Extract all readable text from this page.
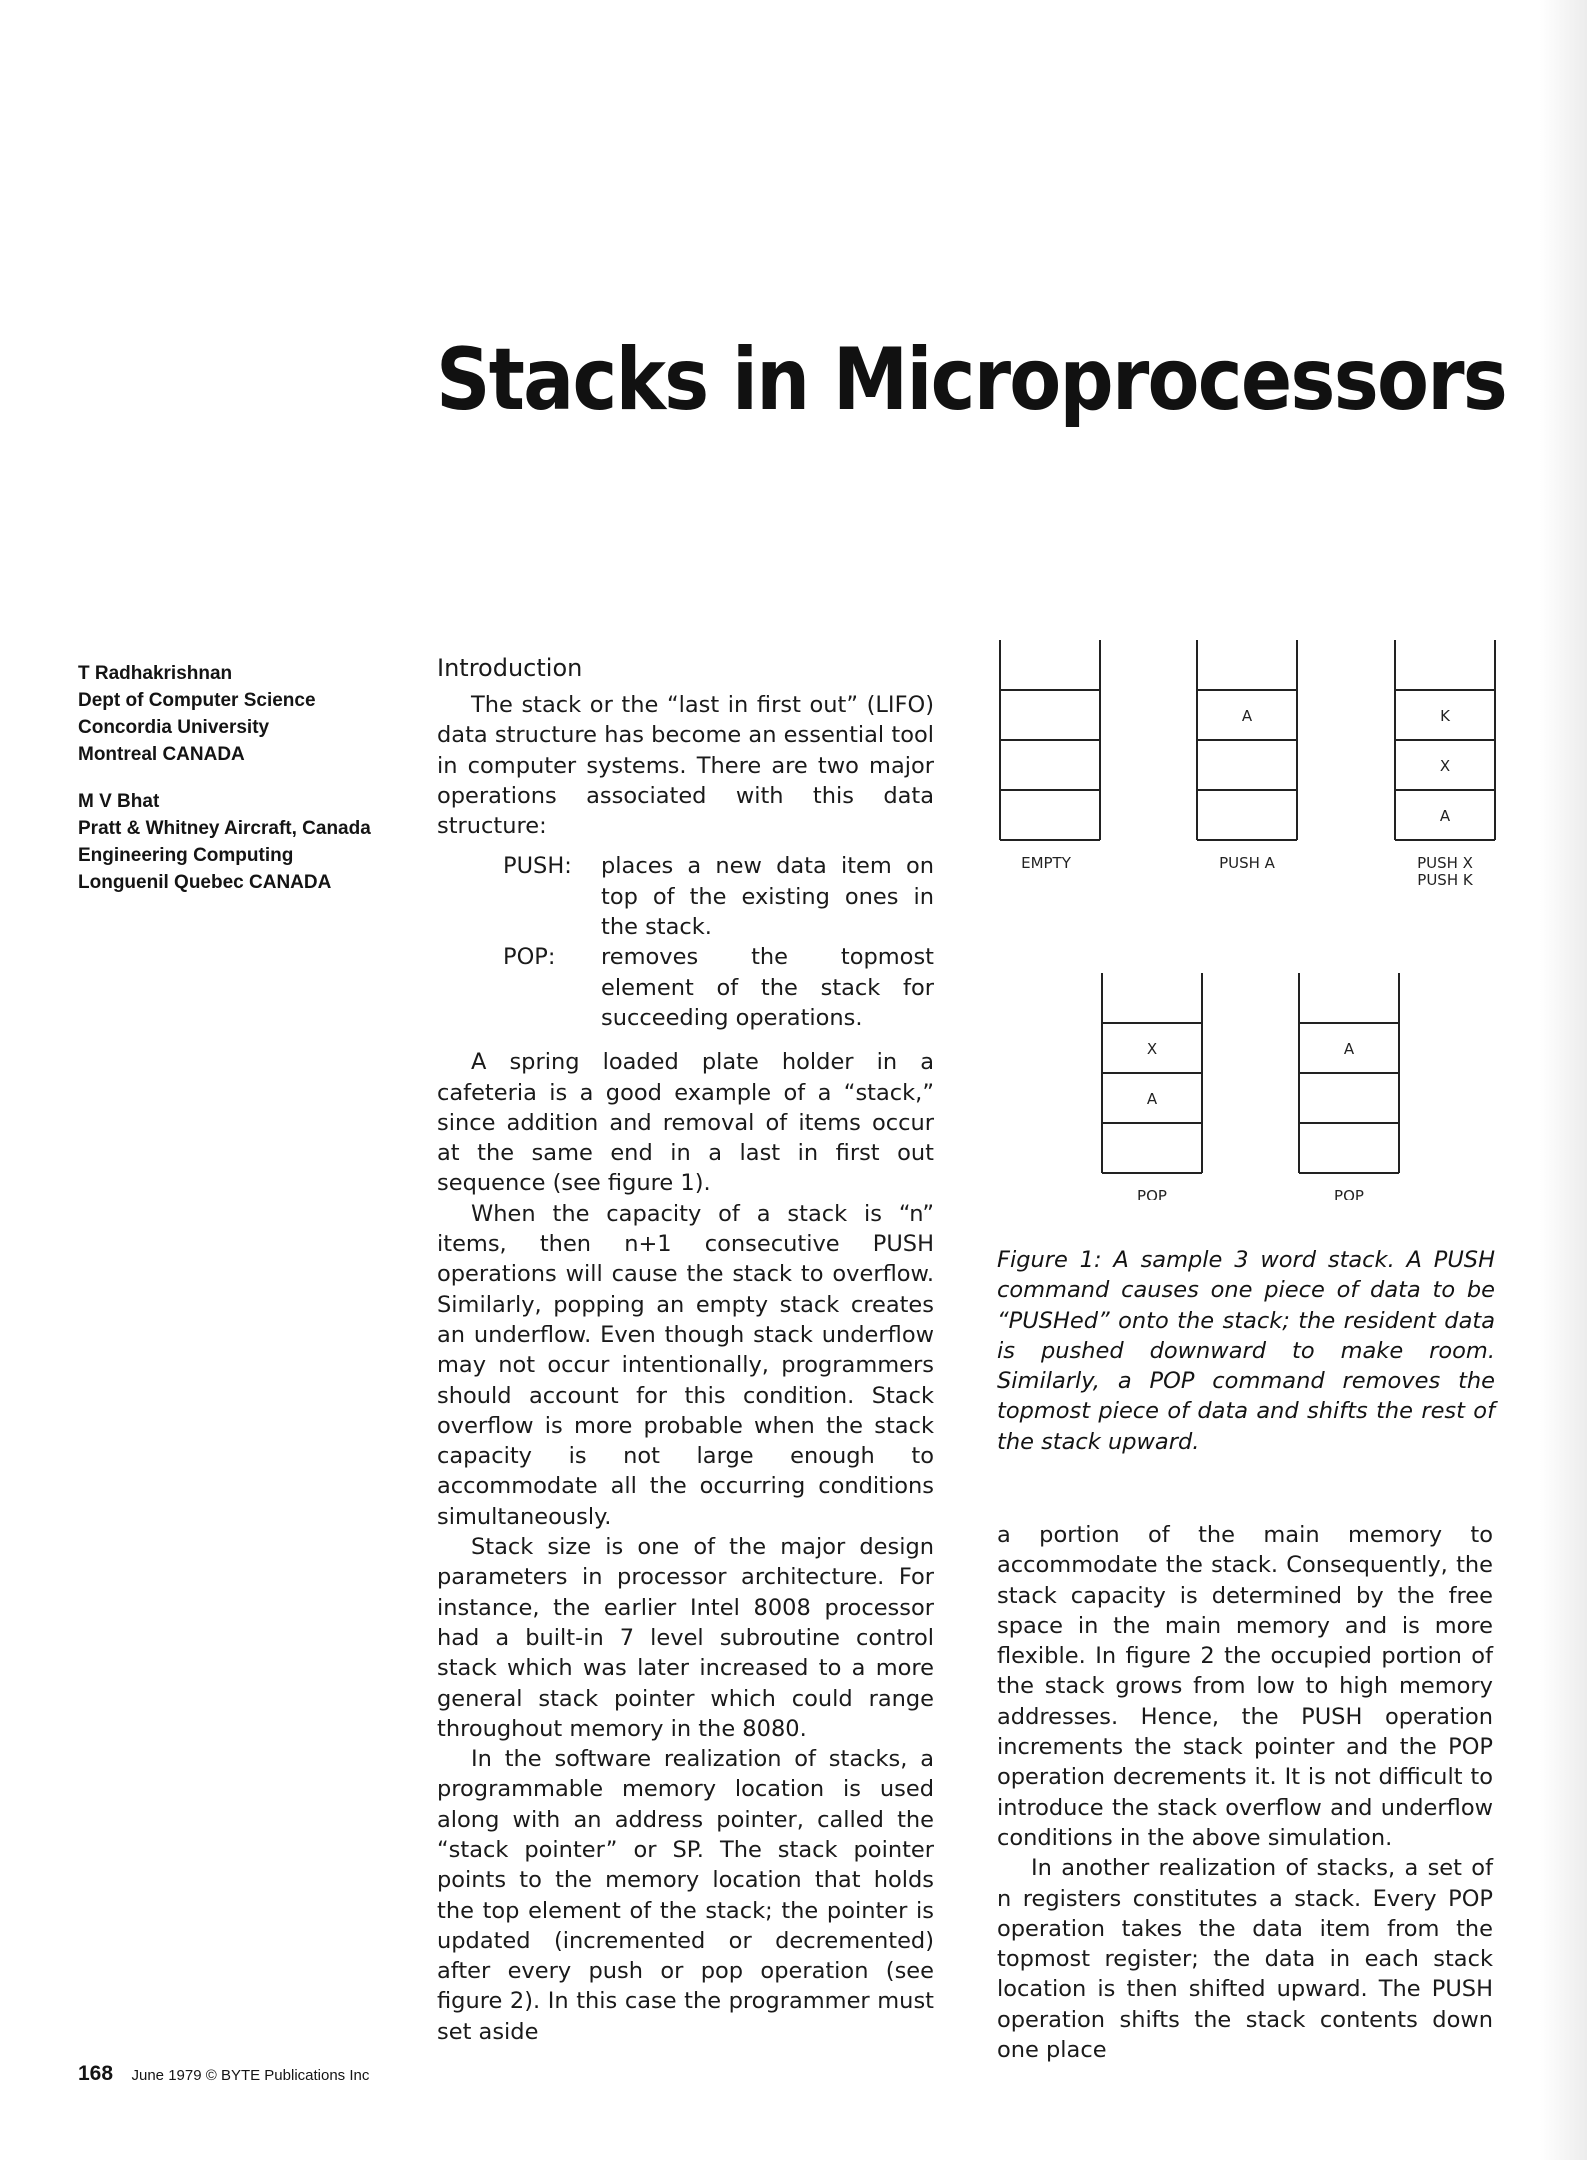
Stacks in Microprocessors
T Radhakrishnan
Dept of Computer Science
Concordia University
Montreal CANADA
M V Bhat
Pratt & Whitney Aircraft, Canada
Engineering Computing
Longuenil Quebec CANADA

Introduction

The stack or the “last in first out” (LIFO) data structure has become an essential tool in computer systems. There are two major operations associated with this data structure:

PUSH:	places a new data item on top of the existing ones in the stack.
POP:	removes the topmost element of the stack for succeeding operations.

A spring loaded plate holder in a cafeteria is a good example of a “stack,” since addition and removal of items occur at the same end in a last in first out sequence (see figure 1).

When the capacity of a stack is “n” items, then n+1 consecutive PUSH operations will cause the stack to overflow. Similarly, popping an empty stack creates an underflow. Even though stack underflow may not occur intentionally, programmers should account for this condition. Stack overflow is more probable when the stack capacity is not large enough to accommodate all the occurring conditions simultaneously.

Stack size is one of the major design parameters in processor architecture. For instance, the earlier Intel 8008 processor had a built-in 7 level subroutine control stack which was later increased to a more general stack pointer which could range throughout memory in the 8080.

In the software realization of stacks, a programmable memory location is used along with an address pointer, called the “stack pointer” or SP. The stack pointer points to the memory location that holds the top element of the stack; the pointer is updated (incremented or decremented) after every push or pop operation (see figure 2). In this case the programmer must set aside

EMPTY
A
PUSH A
K
X
A
PUSH X
PUSH K
X
A
POP
A
POP
Figure 1: A sample 3 word stack. A PUSH command causes one piece of data to be “PUSHed” onto the stack; the resident data is pushed downward to make room. Similarly, a POP command removes the topmost piece of data and shifts the rest of the stack upward.

a portion of the main memory to accommodate the stack. Consequently, the stack capacity is determined by the free space in the main memory and is more flexible. In figure 2 the occupied portion of the stack grows from low to high memory addresses. Hence, the PUSH operation increments the stack pointer and the POP operation decrements it. It is not difficult to introduce the stack overflow and underflow conditions in the above simulation.

In another realization of stacks, a set of n registers constitutes a stack. Every POP operation takes the data item from the topmost register; the data in each stack location is then shifted upward. The PUSH operation shifts the stack contents down one place

168 June 1979 © BYTE Publications Inc
